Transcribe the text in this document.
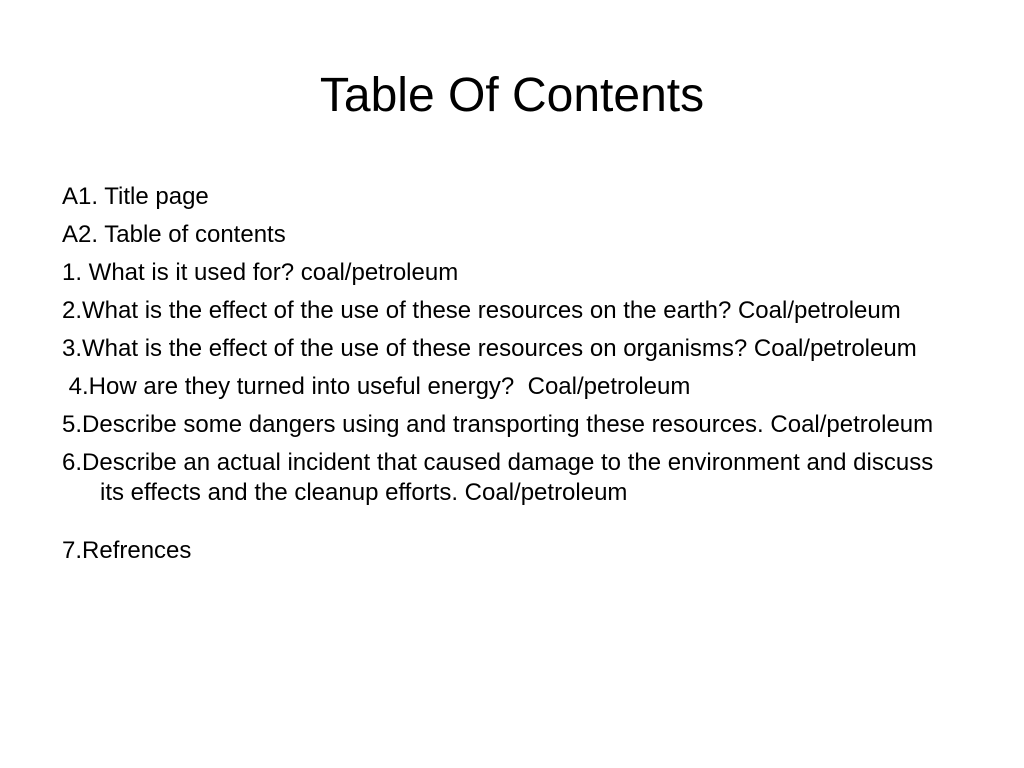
Table Of Contents
A1. Title page
A2. Table of contents
1. What is it used for? coal/petroleum
2.What is the effect of the use of these resources on the earth? Coal/petroleum
3.What is the effect of the use of these resources on organisms? Coal/petroleum
4.How are they turned into useful energy?  Coal/petroleum
5.Describe some dangers using and transporting these resources. Coal/petroleum
6.Describe an actual incident that caused damage to the environment and discuss its effects and the cleanup efforts. Coal/petroleum
7.Refrences
